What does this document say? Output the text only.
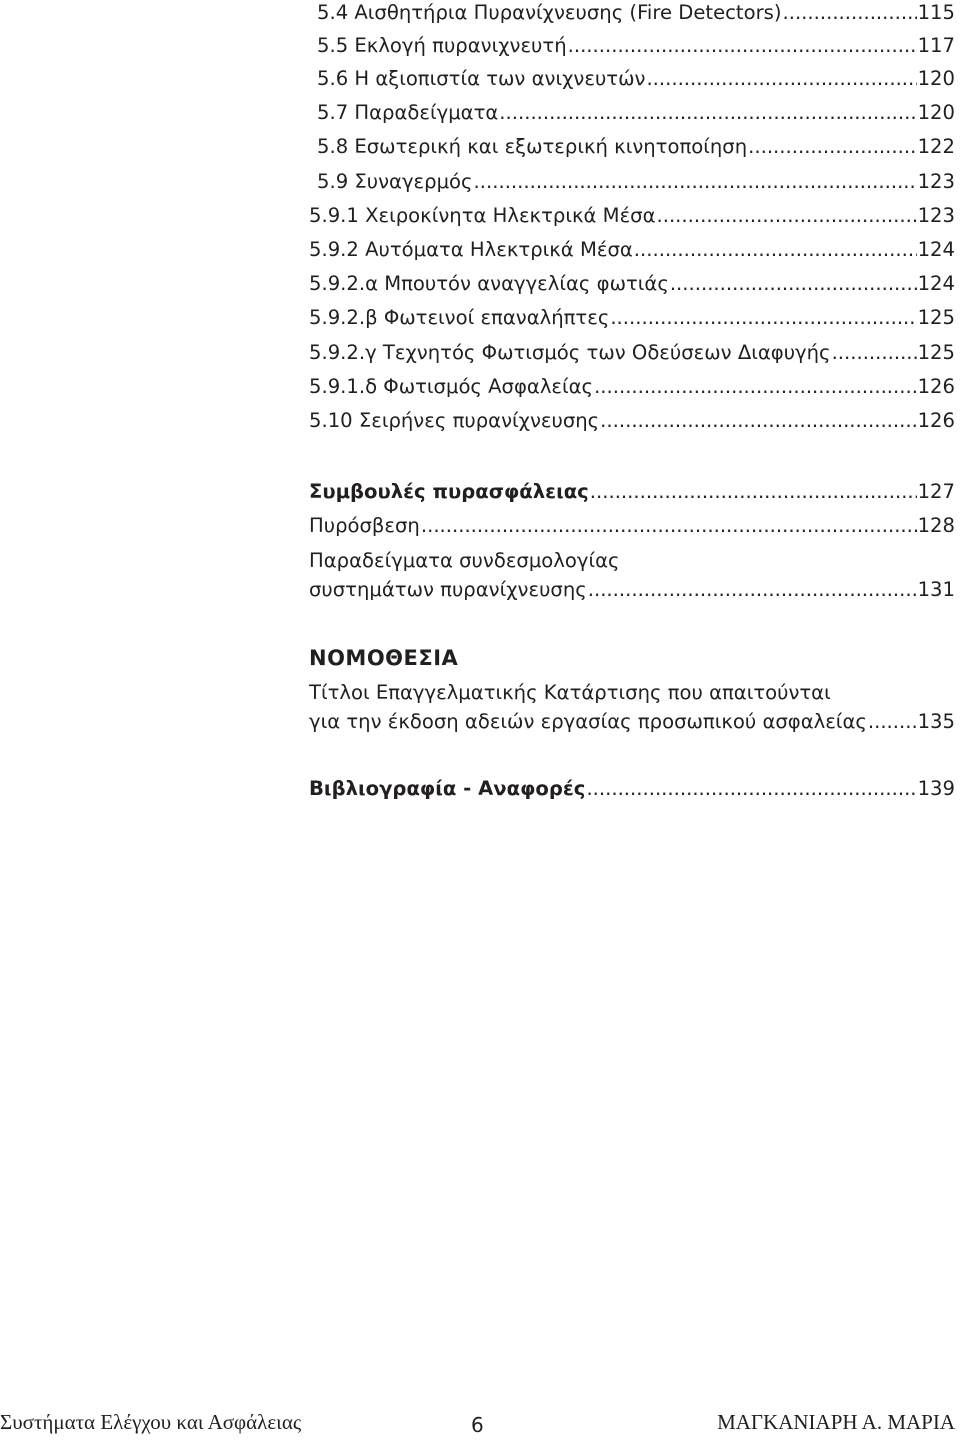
5.4 Αισθητήρια Πυρανίχνευσης (Fire Detectors) .....	115
5.5 Εκλογή πυρανιχνευτή .....	117
5.6 Η αξιοπιστία των ανιχνευτών .....	120
5.7 Παραδείγματα .....	120
5.8 Εσωτερική και εξωτερική κινητοποίηση .....	122
5.9 Συναγερμός .....	123
5.9.1 Χειροκίνητα Ηλεκτρικά Μέσα .....	123
5.9.2 Αυτόματα Ηλεκτρικά Μέσα .....	124
5.9.2.α Μπουτόν αναγγελίας φωτιάς .....	124
5.9.2.β Φωτεινοί επαναλήπτες .....	125
5.9.2.γ Τεχνητός Φωτισμός των Οδεύσεων Διαφυγής .....	125
5.9.1.δ Φωτισμός Ασφαλείας .....	126
5.10 Σειρήνες πυρανίχνευσης .....	126
Συμβουλές πυρασφάλειας .....	127
Πυρόσβεση .....	128
Παραδείγματα συνδεσμολογίας
συστημάτων πυρανίχνευσης .....	131
ΝΟΜΟΘΕΣΙΑ
Τίτλοι Επαγγελματικής Κατάρτισης που απαιτούνται
για την έκδοση αδειών εργασίας προσωπικού ασφαλείας .....	135
Βιβλιογραφία - Αναφορές .....	139
Συστήματα Ελέγχου και Ασφάλειας	6	ΜΑΓΚΑΝΙΑΡΗ Α. ΜΑΡΙΑ
